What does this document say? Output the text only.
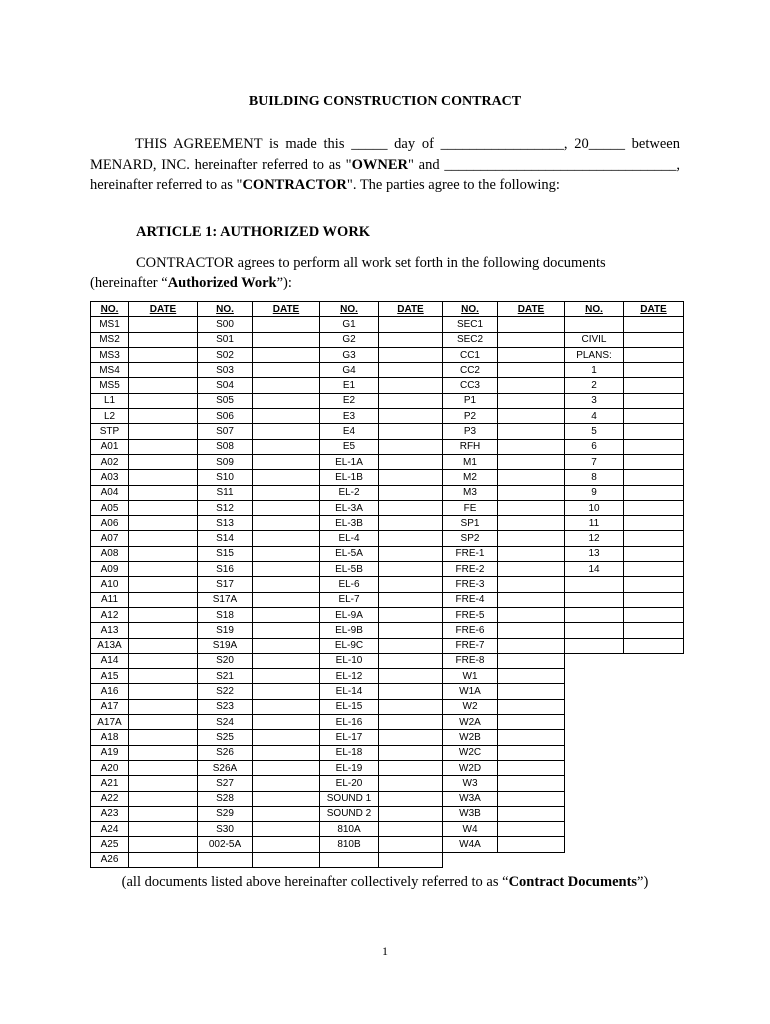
BUILDING CONSTRUCTION CONTRACT

THIS AGREEMENT is made this _____ day of _________________, 20_____ between MENARD, INC. hereinafter referred to as "OWNER" and ________________________________, hereinafter referred to as "CONTRACTOR". The parties agree to the following:

ARTICLE 1: AUTHORIZED WORK
CONTRACTOR agrees to perform all work set forth in the following documents
(hereinafter “Authorized Work”):
NO.	DATE	NO.	DATE	NO.	DATE	NO.	DATE	NO.	DATE
MS1		S00		G1		SEC1			
MS2		S01		G2		SEC2		CIVIL	
MS3		S02		G3		CC1		PLANS:	
MS4		S03		G4		CC2		1	
MS5		S04		E1		CC3		2	
L1		S05		E2		P1		3	
L2		S06		E3		P2		4	
STP		S07		E4		P3		5	
A01		S08		E5		RFH		6	
A02		S09		EL-1A		M1		7	
A03		S10		EL-1B		M2		8	
A04		S11		EL-2		M3		9	
A05		S12		EL-3A		FE		10	
A06		S13		EL-3B		SP1		11	
A07		S14		EL-4		SP2		12	
A08		S15		EL-5A		FRE-1		13	
A09		S16		EL-5B		FRE-2		14	
A10		S17		EL-6		FRE-3			
A11		S17A		EL-7		FRE-4			
A12		S18		EL-9A		FRE-5			
A13		S19		EL-9B		FRE-6			
A13A		S19A		EL-9C		FRE-7			
A14		S20		EL-10		FRE-8			
A15		S21		EL-12		W1			
A16		S22		EL-14		W1A			
A17		S23		EL-15		W2			
A17A		S24		EL-16		W2A			
A18		S25		EL-17		W2B			
A19		S26		EL-18		W2C			
A20		S26A		EL-19		W2D			
A21		S27		EL-20		W3			
A22		S28		SOUND 1		W3A			
A23		S29		SOUND 2		W3B			
A24		S30		810A		W4			
A25		002-5A		810B		W4A			
A26									
(all documents listed above hereinafter collectively referred to as “Contract Documents”)
1
